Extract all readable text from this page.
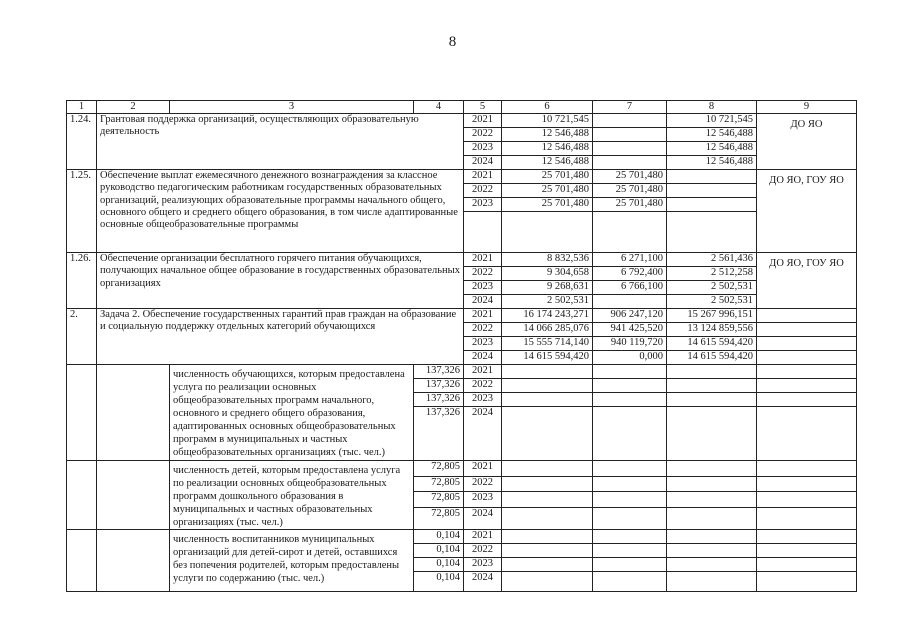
8
1	2	3	4	5	6	7	8	9
1.24.	Грантовая поддержка организаций, осуществляющих образовательную деятельность			2021	10 721,545		10 721,545	ДО ЯО
				2022	12 546,488		12 546,488	
				2023	12 546,488		12 546,488	
				2024	12 546,488		12 546,488	
1.25.	Обеспечение выплат ежемесячного денежного вознаграждения за классное руководство педагогическим работникам государственных образовательных организаций, реализующих образовательные программы начального общего, основного общего и среднего общего образования, в том числе адаптированные основные общеобразовательные программы			2021	25 701,480	25 701,480		ДО ЯО, ГОУ ЯО
				2022	25 701,480	25 701,480		
				2023	25 701,480	25 701,480		

1.26.	Обеспечение организации бесплатного горячего питания обучающихся, получающих начальное общее образование в государственных образовательных организациях			2021	8 832,536	6 271,100	2 561,436	ДО ЯО, ГОУ ЯО
				2022	9 304,658	6 792,400	2 512,258	
				2023	9 268,631	6 766,100	2 502,531	
				2024	2 502,531		2 502,531	
2.	Задача 2. Обеспечение государственных гарантий прав граждан на образование и социальную поддержку отдельных категорий обучающихся			2021	16 174 243,271	906 247,120	15 267 996,151	
				2022	14 066 285,076	941 425,520	13 124 859,556	
				2023	15 555 714,140	940 119,720	14 615 594,420	
				2024	14 615 594,420	0,000	14 615 594,420	
		численность обучающихся, которым предоставлена услуга по реализации основных общеобразовательных программ начального, основного и среднего общего образования, адаптированных основных общеобразовательных программ в муниципальных и частных общеобразовательных организациях (тыс. чел.)	137,326	2021				
			137,326	2022				
			137,326	2023				
			137,326	2024				
		численность детей, которым предоставлена услуга по реализации основных общеобразовательных программ дошкольного образования в муниципальных и частных образовательных организациях (тыс. чел.)	72,805	2021				
			72,805	2022				
			72,805	2023				
			72,805	2024				
		численность воспитанников муниципальных организаций для детей-сирот и детей, оставшихся без попечения родителей, которым предоставлены услуги по содержанию (тыс. чел.)	0,104	2021				
			0,104	2022				
			0,104	2023				
			0,104	2024				
